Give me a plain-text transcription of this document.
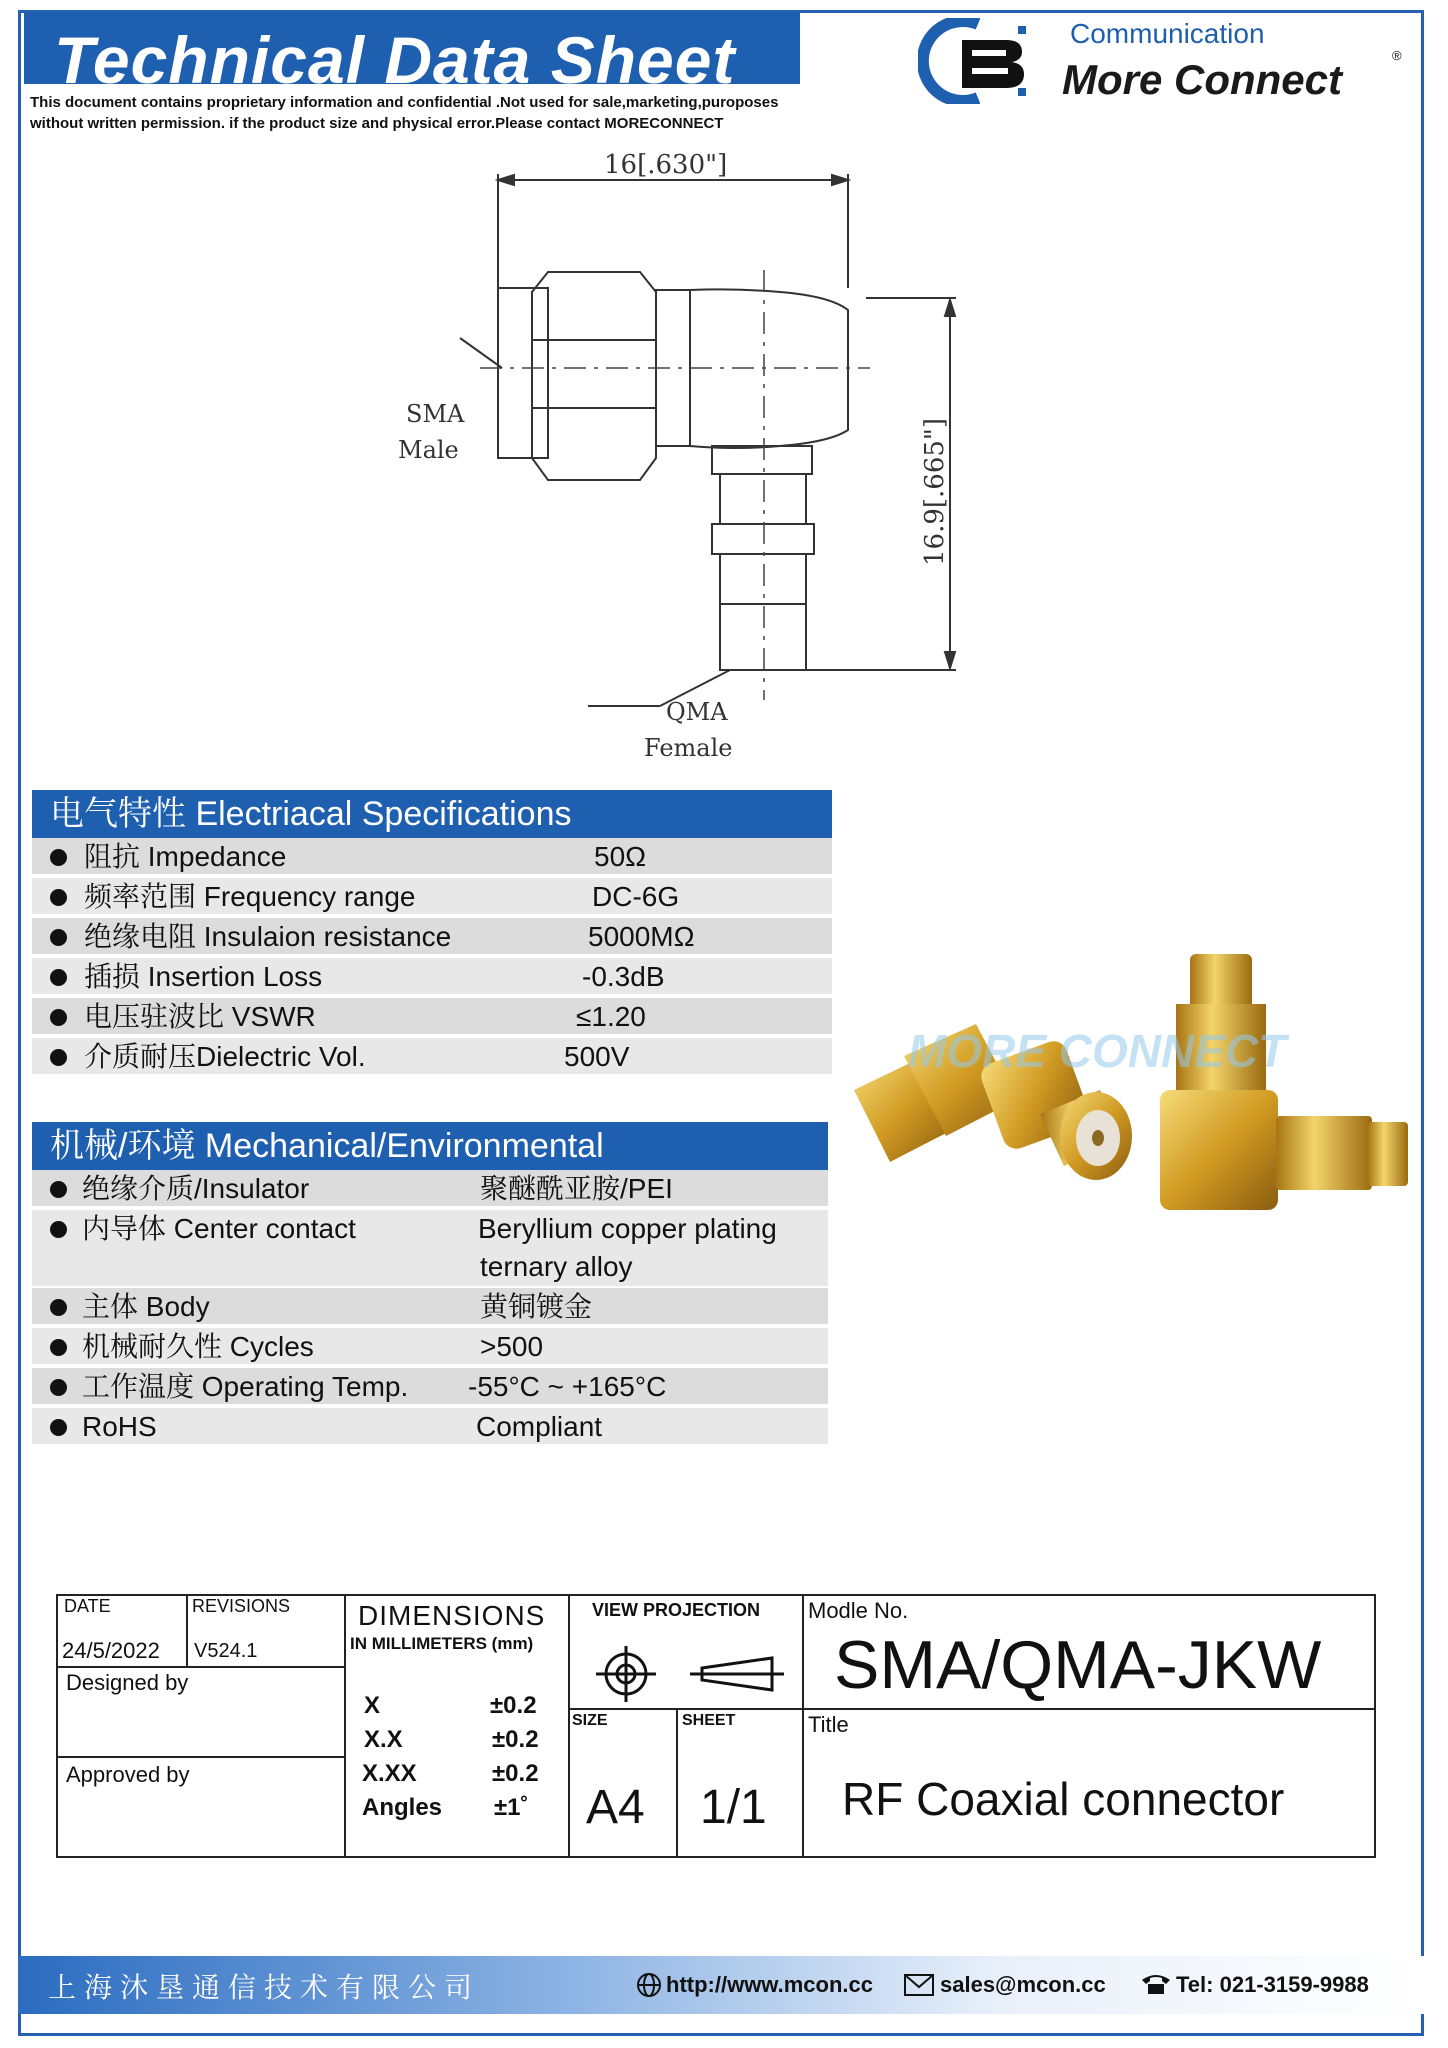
Technical Data Sheet
This document contains proprietary information and confidential .Not used for sale,marketing,puroposes
without written permission. if the product size and physical error.Please contact MORECONNECT
Communication
More Connect
®
16[.630"]
16.9[.665"]
SMA
Male
QMA
Female
电气特性 Electriacal Specifications
阻抗 Impedance	50Ω
频率范围 Frequency range	DC-6G
绝缘电阻 Insulaion resistance	5000MΩ
插损 Insertion Loss	-0.3dB
电压驻波比 VSWR	≤1.20
介质耐压Dielectric Vol.	500V	MORE CONNECT
机械/环境 Mechanical/Environmental
绝缘介质/Insulator	聚醚酰亚胺/PEI
内导体 Center contact	Beryllium copper plating
ternary alloy
主体 Body	黄铜镀金
机械耐久性 Cycles	>500
工作温度 Operating Temp. -55°C ~ +165°C
RoHS	Compliant
DATE
24/5/2022
REVISIONS
V524.1
Designed by
Approved by
DIMENSIONS
IN MILLIMETERS (mm)
X	±0.2
X.X	±0.2
X.XX	±0.2
Angles ±1˚
VIEW PROJECTION
SIZE
A4
SHEET
1/1
Modle No.
SMA/QMA-JKW
Title
RF Coaxial connector
上海沐垦通信技术有限公司	http://www.mcon.cc	sales@mcon.cc	Tel: 021-3159-9988
